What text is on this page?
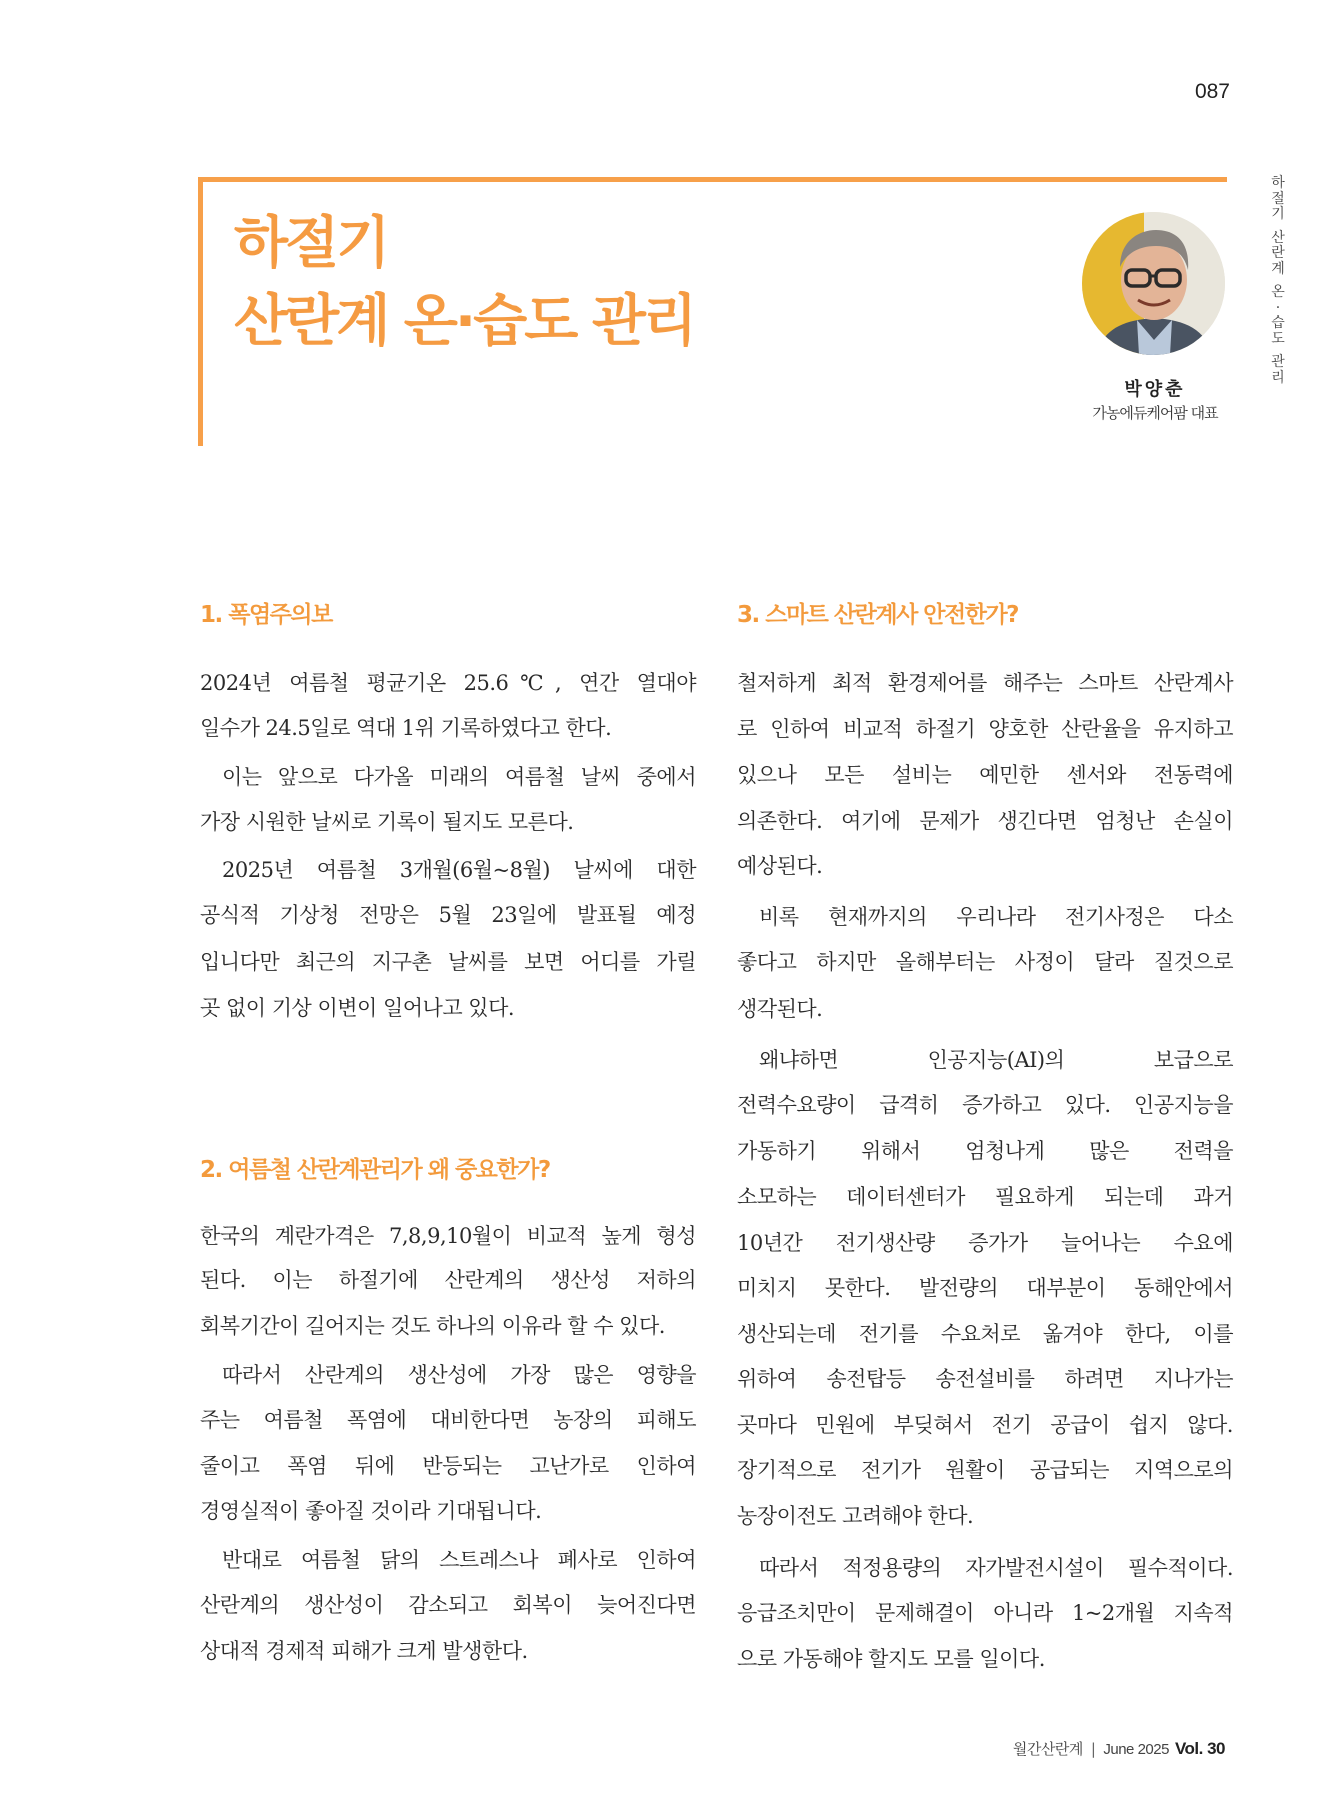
087
하절기
산란계 온·습도 관리
박양춘
가농에듀케어팜 대표
하
절
기
산
란
계
온
·
습
도
관
리
1. 폭염주의보
2024년 여름철 평균기온 25.6℃, 연간 열대야
일수가 24.5일로 역대 1위 기록하였다고 한다.
이는 앞으로 다가올 미래의 여름철 날씨 중에서
가장 시원한 날씨로 기록이 될지도 모른다.
2025년 여름철 3개월(6월~8월) 날씨에 대한
공식적 기상청 전망은 5월 23일에 발표될 예정
입니다만 최근의 지구촌 날씨를 보면 어디를 가릴
곳 없이 기상 이변이 일어나고 있다.
2. 여름철 산란계관리가 왜 중요한가?
한국의 계란가격은 7,8,9,10월이 비교적 높게 형성
된다. 이는 하절기에 산란계의 생산성 저하의
회복기간이 길어지는 것도 하나의 이유라 할 수 있다.
따라서 산란계의 생산성에 가장 많은 영향을
주는 여름철 폭염에 대비한다면 농장의 피해도
줄이고 폭염 뒤에 반등되는 고난가로 인하여
경영실적이 좋아질 것이라 기대됩니다.
반대로 여름철 닭의 스트레스나 폐사로 인하여
산란계의 생산성이 감소되고 회복이 늦어진다면
상대적 경제적 피해가 크게 발생한다.
3. 스마트 산란계사 안전한가?
철저하게 최적 환경제어를 해주는 스마트 산란계사
로 인하여 비교적 하절기 양호한 산란율을 유지하고
있으나 모든 설비는 예민한 센서와 전동력에
의존한다. 여기에 문제가 생긴다면 엄청난 손실이
예상된다.
비록 현재까지의 우리나라 전기사정은 다소
좋다고 하지만 올해부터는 사정이 달라 질것으로
생각된다.
왜냐하면 인공지능(AI)의 보급으로
전력수요량이 급격히 증가하고 있다. 인공지능을
가동하기 위해서 엄청나게 많은 전력을
소모하는 데이터센터가 필요하게 되는데 과거
10년간 전기생산량 증가가 늘어나는 수요에
미치지 못한다. 발전량의 대부분이 동해안에서
생산되는데 전기를 수요처로 옮겨야 한다, 이를
위하여 송전탑등 송전설비를 하려면 지나가는
곳마다 민원에 부딪혀서 전기 공급이 쉽지 않다.
장기적으로 전기가 원활이 공급되는 지역으로의
농장이전도 고려해야 한다.
따라서 적정용량의 자가발전시설이 필수적이다.
응급조치만이 문제해결이 아니라 1~2개월 지속적
으로 가동해야 할지도 모를 일이다.
월간산란계 | June 2025 Vol. 30
